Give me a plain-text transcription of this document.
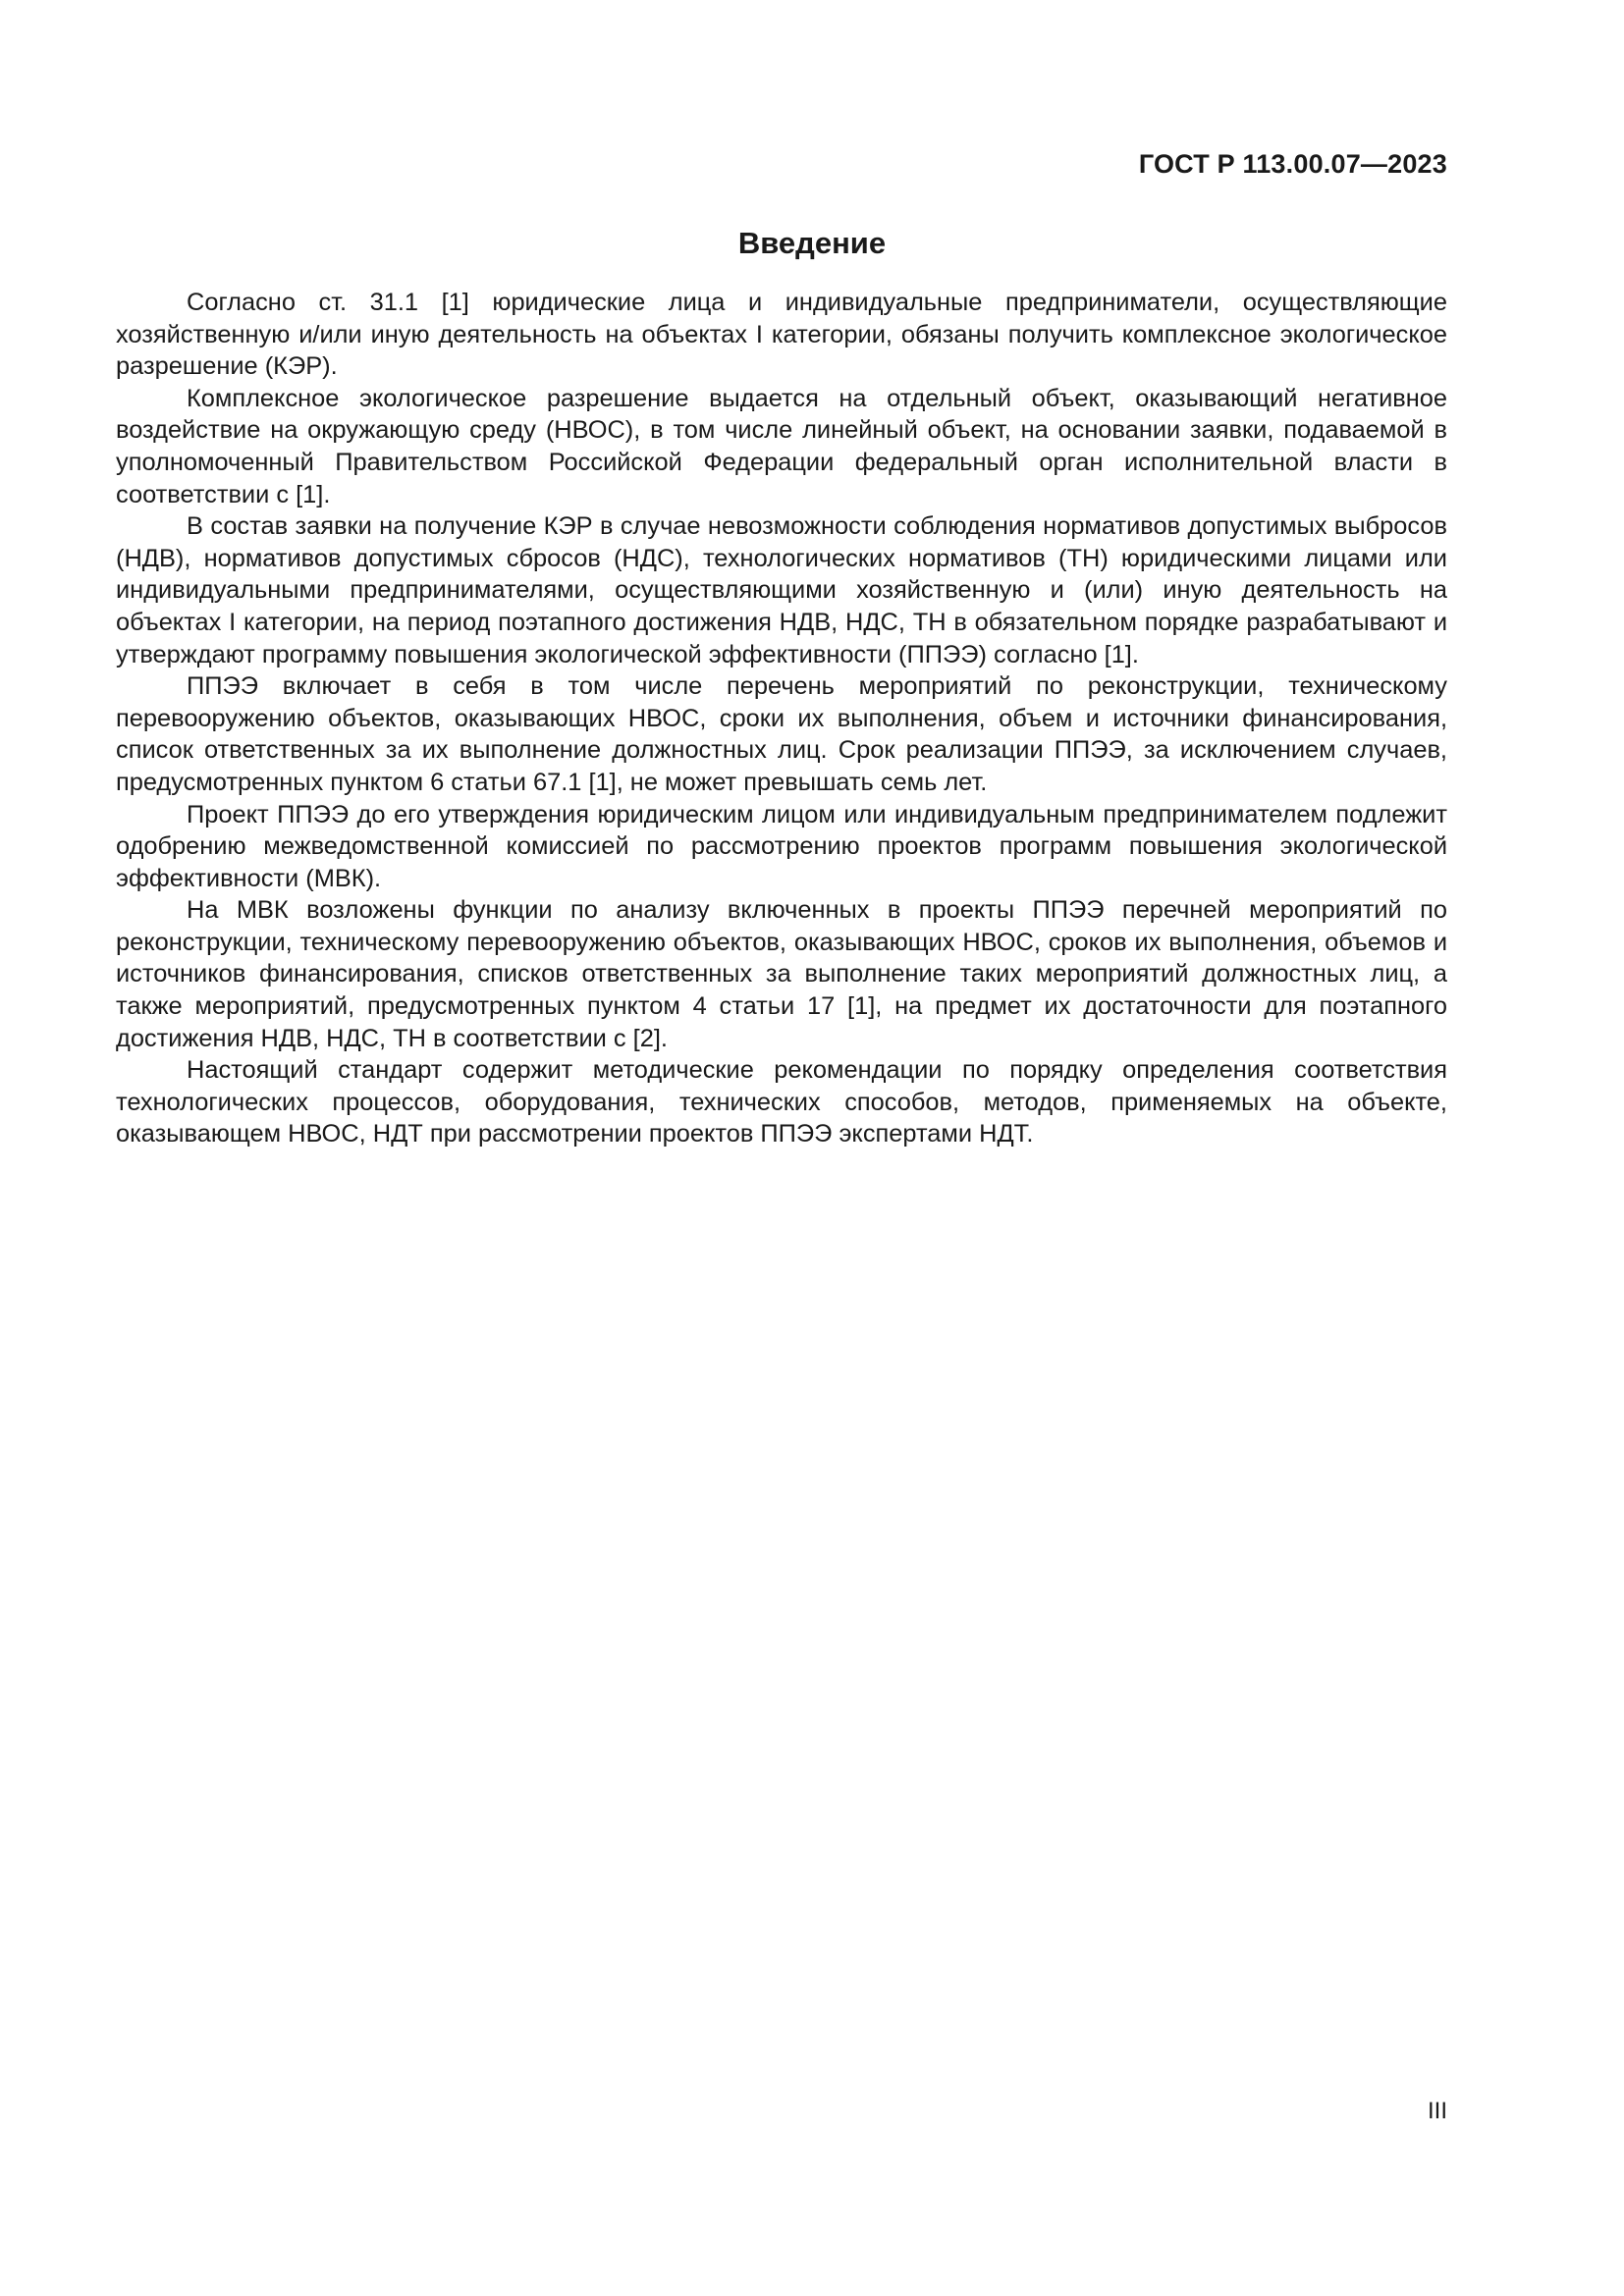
ГОСТ Р 113.00.07—2023
Введение

Согласно ст. 31.1 [1] юридические лица и индивидуальные предприниматели, осуществляющие хозяйственную и/или иную деятельность на объектах I категории, обязаны получить комплексное экологическое разрешение (КЭР).

Комплексное экологическое разрешение выдается на отдельный объект, оказывающий негативное воздействие на окружающую среду (НВОС), в том числе линейный объект, на основании заявки, подаваемой в уполномоченный Правительством Российской Федерации федеральный орган исполнительной власти в соответствии с [1].

В состав заявки на получение КЭР в случае невозможности соблюдения нормативов допустимых выбросов (НДВ), нормативов допустимых сбросов (НДС), технологических нормативов (ТН) юридическими лицами или индивидуальными предпринимателями, осуществляющими хозяйственную и (или) иную деятельность на объектах I категории, на период поэтапного достижения НДВ, НДС, ТН в обязательном порядке разрабатывают и утверждают программу повышения экологической эффективности (ППЭЭ) согласно [1].

ППЭЭ включает в себя в том числе перечень мероприятий по реконструкции, техническому перевооружению объектов, оказывающих НВОС, сроки их выполнения, объем и источники финансирования, список ответственных за их выполнение должностных лиц. Срок реализации ППЭЭ, за исключением случаев, предусмотренных пунктом 6 статьи 67.1 [1], не может превышать семь лет.

Проект ППЭЭ до его утверждения юридическим лицом или индивидуальным предпринимателем подлежит одобрению межведомственной комиссией по рассмотрению проектов программ повышения экологической эффективности (МВК).

На МВК возложены функции по анализу включенных в проекты ППЭЭ перечней мероприятий по реконструкции, техническому перевооружению объектов, оказывающих НВОС, сроков их выполнения, объемов и источников финансирования, списков ответственных за выполнение таких мероприятий должностных лиц, а также мероприятий, предусмотренных пунктом 4 статьи 17 [1], на предмет их достаточности для поэтапного достижения НДВ, НДС, ТН в соответствии с [2].

Настоящий стандарт содержит методические рекомендации по порядку определения соответствия технологических процессов, оборудования, технических способов, методов, применяемых на объекте, оказывающем НВОС, НДТ при рассмотрении проектов ППЭЭ экспертами НДТ.

III
